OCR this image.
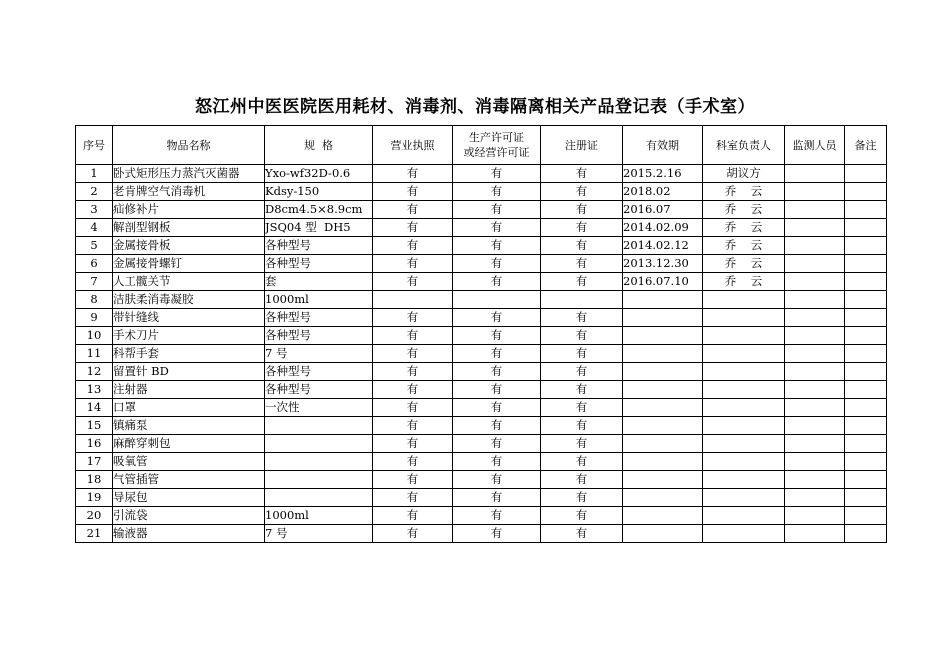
怒江州中医医院医用耗材、消毒剂、消毒隔离相关产品登记表（手术室）
序号	物品名称	规  格	营业执照	生产许可证
或经营许可证	注册证	有效期	科室负责人	监测人员	备注
1	卧式矩形压力蒸汽灭菌器	Yxo-wf32D-0.6	有	有	有	2015.2.16	胡议方		
2	老肯牌空气消毒机	Kdsy-150	有	有	有	2018.02	乔    云		
3	疝修补片	D8cm4.5×8.9cm	有	有	有	2016.07	乔    云		
4	解剖型钢板	JSQ04 型  DH5	有	有	有	2014.02.09	乔    云		
5	金属接骨板	各种型号	有	有	有	2014.02.12	乔    云		
6	金属接骨螺钉	各种型号	有	有	有	2013.12.30	乔    云		
7	人工髋关节	套	有	有	有	2016.07.10	乔    云		
8	洁肤柔消毒凝胶	1000ml							
9	带针缝线	各种型号	有	有	有				
10	手术刀片	各种型号	有	有	有				
11	科帮手套	7 号	有	有	有				
12	留置针 BD	各种型号	有	有	有				
13	注射器	各种型号	有	有	有				
14	口罩	一次性	有	有	有				
15	镇痛泵		有	有	有				
16	麻醉穿刺包		有	有	有				
17	吸氧管		有	有	有				
18	气管插管		有	有	有				
19	导尿包		有	有	有				
20	引流袋	1000ml	有	有	有				
21	输液器	7 号	有	有	有				
